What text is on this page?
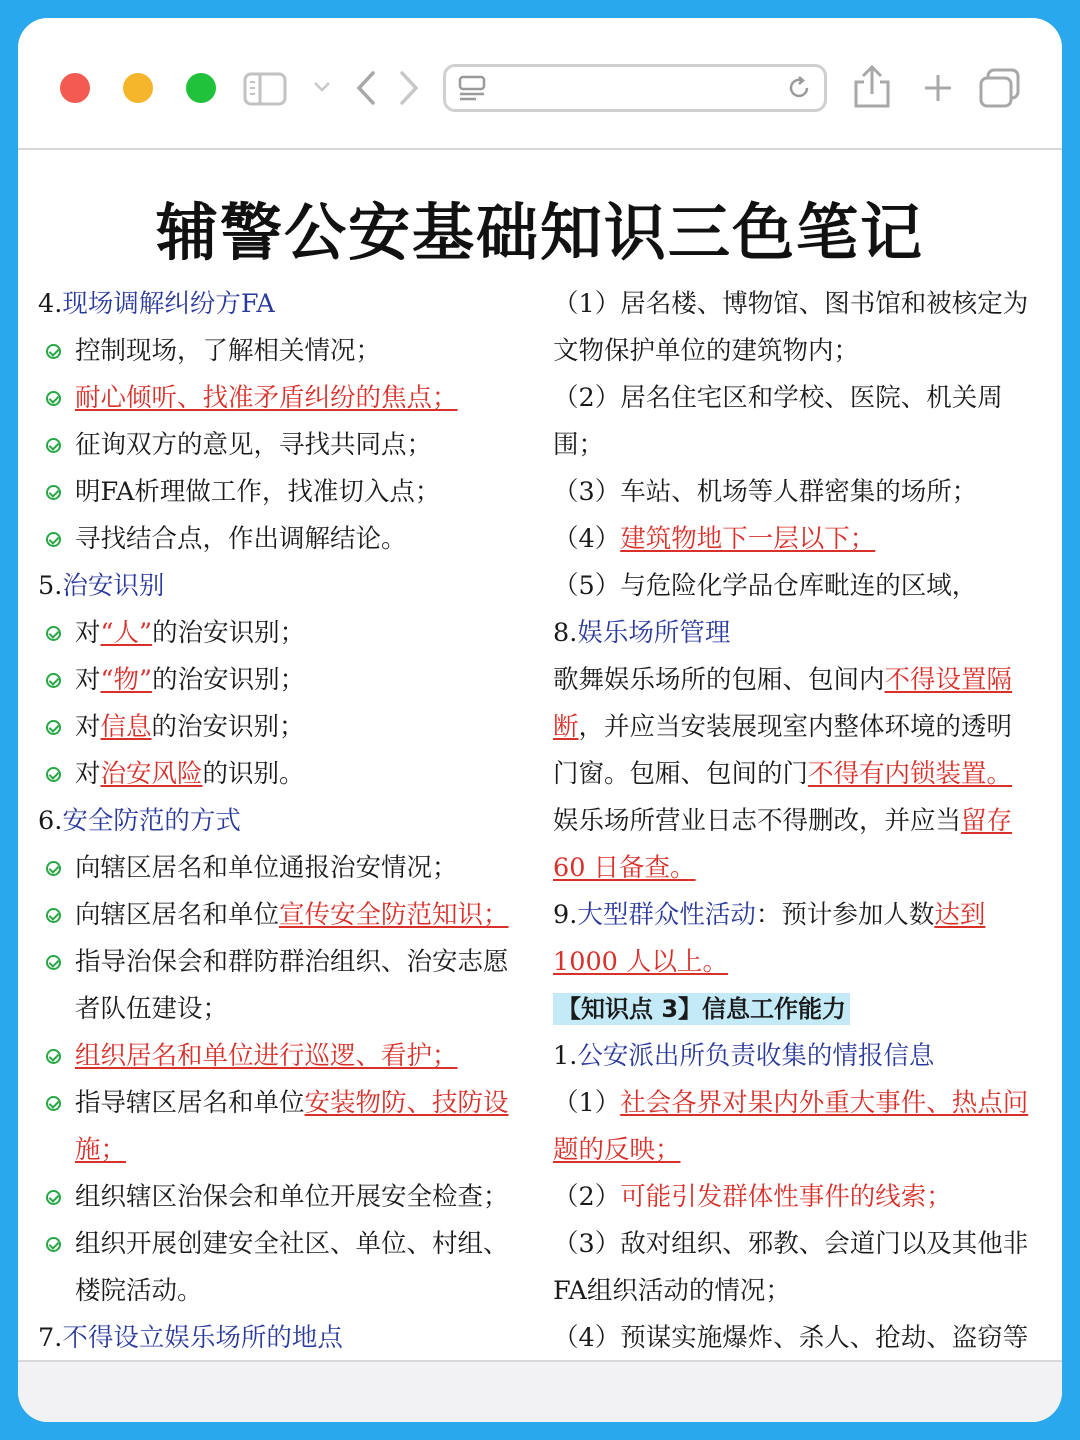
辅警公安基础知识三色笔记
4.现场调解纠纷方FA
控制现场，了解相关情况；
耐心倾听、找准矛盾纠纷的焦点；
征询双方的意见，寻找共同点；
明FA析理做工作，找准切入点；
寻找结合点，作出调解结论。
5.治安识别
对“人”的治安识别；
对“物”的治安识别；
对信息的治安识别；
对治安风险的识别。
6.安全防范的方式
向辖区居名和单位通报治安情况；
向辖区居名和单位宣传安全防范知识；
指导治保会和群防群治组织、治安志愿
者队伍建设；
组织居名和单位进行巡逻、看护；
指导辖区居名和单位安装物防、技防设
施；
组织辖区治保会和单位开展安全检查；
组织开展创建安全社区、单位、村组、
楼院活动。
7.不得设立娱乐场所的地点
（1）居名楼、博物馆、图书馆和被核定为
文物保护单位的建筑物内；
（2）居名住宅区和学校、医院、机关周
围；
（3）车站、机场等人群密集的场所；
（4）建筑物地下一层以下；
（5）与危险化学品仓库毗连的区域，
8.娱乐场所管理
歌舞娱乐场所的包厢、包间内不得设置隔
断，并应当安装展现室内整体环境的透明
门窗。包厢、包间的门不得有内锁装置。
娱乐场所营业日志不得删改，并应当留存
60 日备查。
9.大型群众性活动：预计参加人数达到
1000 人以上。
【知识点 3】信息工作能力
1.公安派出所负责收集的情报信息
（1）社会各界对果内外重大事件、热点问
题的反映；
（2）可能引发群体性事件的线索；
（3）敌对组织、邪教、会道门以及其他非
FA组织活动的情况；
（4）预谋实施爆炸、杀人、抢劫、盗窃等
